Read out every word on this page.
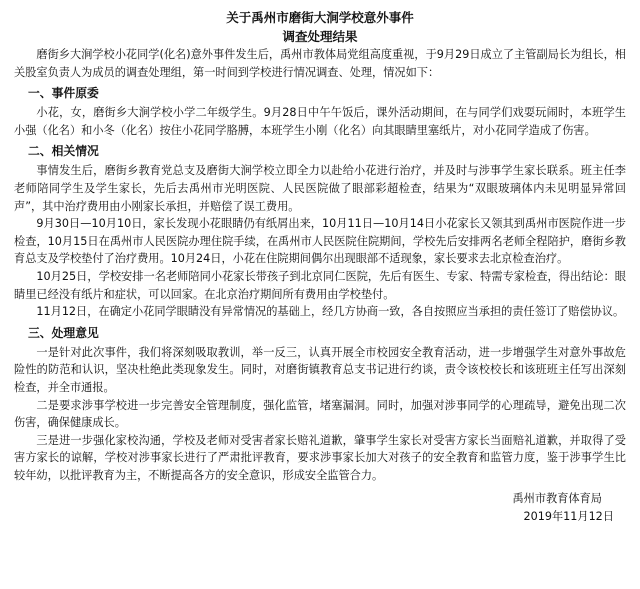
关于禹州市磨街大涧学校意外事件

调查处理结果

磨街乡大涧学校小花同学(化名)意外事件发生后，禹州市教体局党组高度重视，于9月29日成立了主管副局长为组长，相关股室负责人为成员的调查处理组，第一时间到学校进行情况调查、处理，情况如下：

一、事件原委

小花，女，磨街乡大涧学校小学二年级学生。9月28日中午午饭后，课外活动期间，在与同学们戏耍玩闹时，本班学生小强（化名）和小冬（化名）按住小花同学胳膊，本班学生小刚（化名）向其眼睛里塞纸片，对小花同学造成了伤害。

二、相关情况

事情发生后，磨街乡教育党总支及磨街大涧学校立即全力以赴给小花进行治疗，并及时与涉事学生家长联系。班主任李老师陪同学生及学生家长，先后去禹州市光明医院、人民医院做了眼部彩超检查，结果为“双眼玻璃体内未见明显异常回声”，其中治疗费用由小刚家长承担，并赔偿了误工费用。

9月30日—10月10日，家长发现小花眼睛仍有纸屑出来，10月11日—10月14日小花家长又领其到禹州市医院作进一步检查，10月15日在禹州市人民医院办理住院手续，在禹州市人民医院住院期间，学校先后安排两名老师全程陪护，磨街乡教育总支及学校垫付了治疗费用。10月24日，小花在住院期间偶尔出现眼部不适现象，家长要求去北京检查治疗。

10月25日，学校安排一名老师陪同小花家长带孩子到北京同仁医院，先后有医生、专家、特需专家检查，得出结论：眼睛里已经没有纸片和症状，可以回家。在北京治疗期间所有费用由学校垫付。

11月12日，在确定小花同学眼睛没有异常情况的基础上，经几方协商一致，各自按照应当承担的责任签订了赔偿协议。

三、处理意见

一是针对此次事件，我们将深刻吸取教训，举一反三，认真开展全市校园安全教育活动，进一步增强学生对意外事故危险性的防范和认识，坚决杜绝此类现象发生。同时，对磨街镇教育总支书记进行约谈，责令该校校长和该班班主任写出深刻检查，并全市通报。

二是要求涉事学校进一步完善安全管理制度，强化监管，堵塞漏洞。同时，加强对涉事同学的心理疏导，避免出现二次伤害，确保健康成长。

三是进一步强化家校沟通，学校及老师对受害者家长赔礼道歉，肇事学生家长对受害方家长当面赔礼道歉，并取得了受害方家长的谅解，学校对涉事家长进行了严肃批评教育，要求涉事家长加大对孩子的安全教育和监管力度，鉴于涉事学生比较年幼，以批评教育为主，不断提高各方的安全意识，形成安全监管合力。

禹州市教育体育局

2019年11月12日
